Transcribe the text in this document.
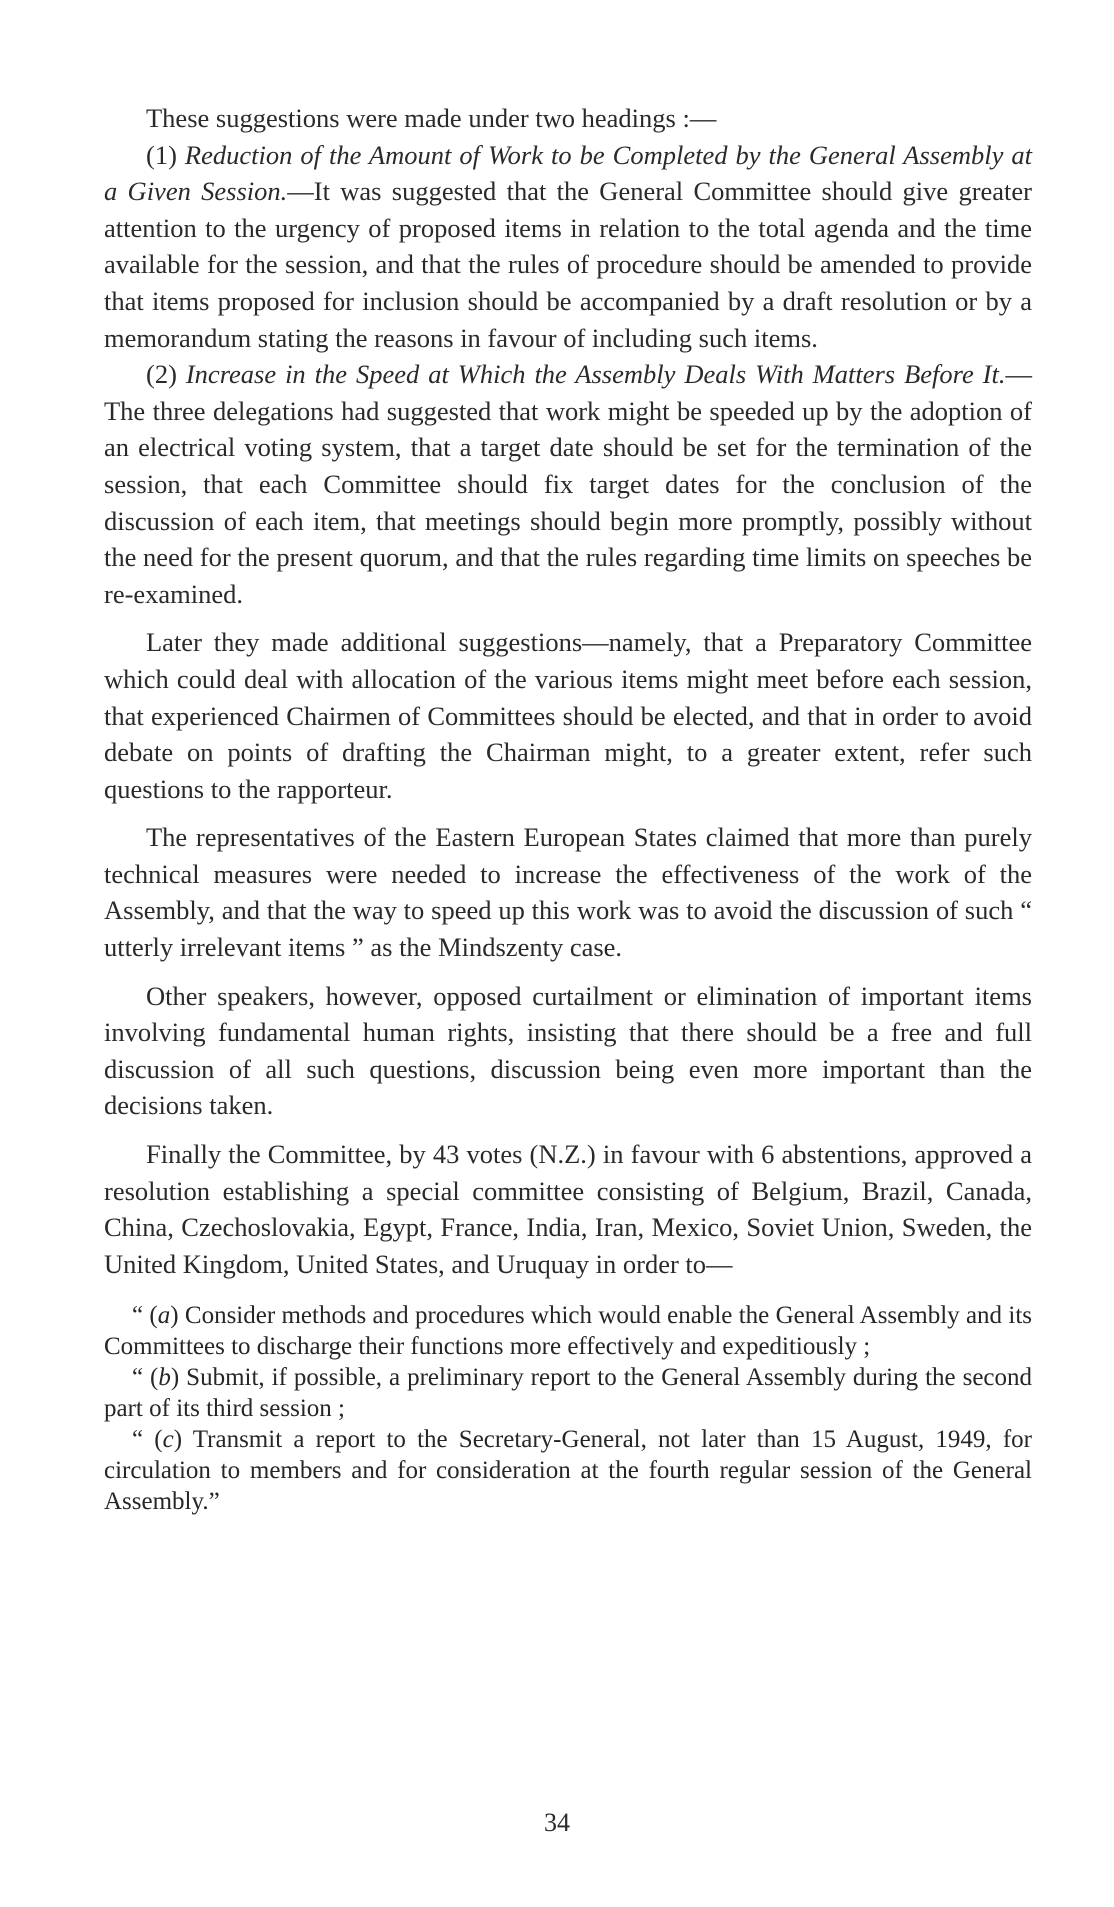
These suggestions were made under two headings :—

(1) Reduction of the Amount of Work to be Completed by the General Assembly at a Given Session.—It was suggested that the General Committee should give greater attention to the urgency of proposed items in relation to the total agenda and the time available for the session, and that the rules of procedure should be amended to provide that items proposed for inclusion should be accompanied by a draft resolution or by a memorandum stating the reasons in favour of including such items.

(2) Increase in the Speed at Which the Assembly Deals With Matters Before It.—The three delegations had suggested that work might be speeded up by the adoption of an electrical voting system, that a target date should be set for the termination of the session, that each Committee should fix target dates for the conclusion of the discussion of each item, that meetings should begin more promptly, possibly without the need for the present quorum, and that the rules regarding time limits on speeches be re-examined.

Later they made additional suggestions—namely, that a Preparatory Committee which could deal with allocation of the various items might meet before each session, that experienced Chairmen of Committees should be elected, and that in order to avoid debate on points of drafting the Chairman might, to a greater extent, refer such questions to the rapporteur.

The representatives of the Eastern European States claimed that more than purely technical measures were needed to increase the effectiveness of the work of the Assembly, and that the way to speed up this work was to avoid the discussion of such “ utterly irrelevant items ” as the Mindszenty case.

Other speakers, however, opposed curtailment or elimination of important items involving fundamental human rights, insisting that there should be a free and full discussion of all such questions, discussion being even more important than the decisions taken.

Finally the Committee, by 43 votes (N.Z.) in favour with 6 abstentions, approved a resolution establishing a special committee consisting of Belgium, Brazil, Canada, China, Czechoslovakia, Egypt, France, India, Iran, Mexico, Soviet Union, Sweden, the United Kingdom, United States, and Uruquay in order to—

“ (a) Consider methods and procedures which would enable the General Assembly and its Committees to discharge their functions more effectively and expeditiously ;

“ (b) Submit, if possible, a preliminary report to the General Assembly during the second part of its third session ;

“ (c) Transmit a report to the Secretary-General, not later than 15 August, 1949, for circulation to members and for consideration at the fourth regular session of the General Assembly.”

34
